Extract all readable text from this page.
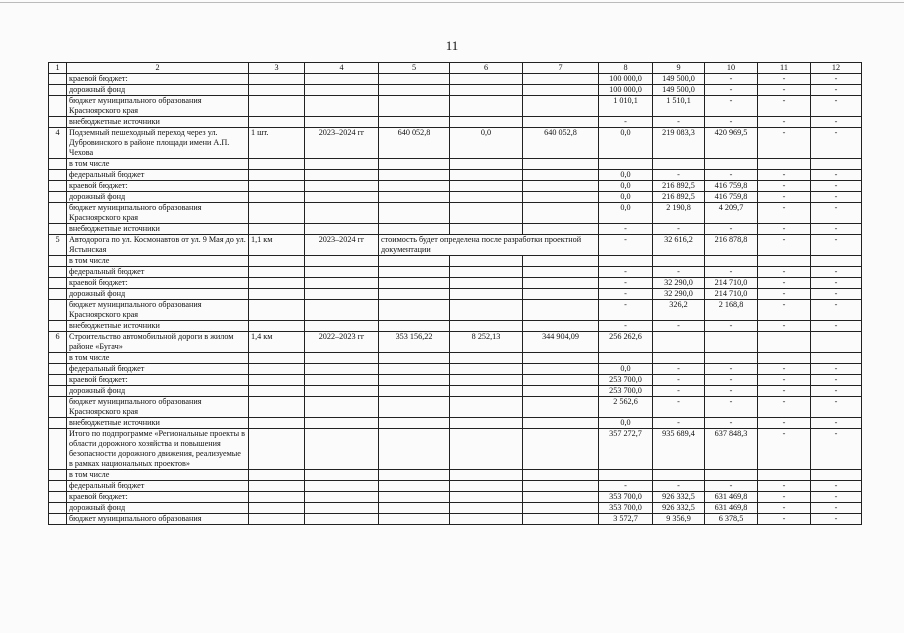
11
1	2	3	4	5	6	7	8	9	10	11	12
	краевой бюджет:						100 000,0	149 500,0	-	-	-
	дорожный фонд						100 000,0	149 500,0	-	-	-
	бюджет муниципального образования Красноярского края						1 010,1	1 510,1	-	-	-
	внебюджетные источники						-	-	-	-	-
4	Подземный пешеходный переход через ул. Дубровинского в районе площади имени А.П. Чехова	1 шт.	2023–2024 гг	640 052,8	0,0	640 052,8	0,0	219 083,3	420 969,5	-	-
	в том числе										
	федеральный бюджет						0,0	-	-	-	-
	краевой бюджет:						0,0	216 892,5	416 759,8	-	-
	дорожный фонд						0,0	216 892,5	416 759,8	-	-
	бюджет муниципального образования Красноярского края						0,0	2 190,8	4 209,7	-	-
	внебюджетные источники						-	-	-	-	-
5	Автодорога по ул. Космонавтов от ул. 9 Мая до ул. Ястынская	1,1 км	2023–2024 гг	стоимость будет определена после разработки проектной документации			-	32 616,2	216 878,8	-	-
	в том числе										
	федеральный бюджет						-	-	-	-	-
	краевой бюджет:						-	32 290,0	214 710,0	-	-
	дорожный фонд						-	32 290,0	214 710,0	-	-
	бюджет муниципального образования Красноярского края						-	326,2	2 168,8	-	-
	внебюджетные источники						-	-	-	-	-
6	Строительство автомобильной дороги в жилом районе «Бугач»	1,4 км	2022–2023 гг	353 156,22	8 252,13	344 904,09	256 262,6				
	в том числе										
	федеральный бюджет						0,0	-	-	-	-
	краевой бюджет:						253 700,0	-	-	-	-
	дорожный фонд						253 700,0	-	-	-	-
	бюджет муниципального образования Красноярского края						2 562,6	-	-	-	-
	внебюджетные источники						0,0	-	-	-	-
	Итого по подпрограмме «Региональные проекты в области дорожного хозяйства и повышения безопасности дорожного движения, реализуемые в рамках национальных проектов»						357 272,7	935 689,4	637 848,3	-	-
	в том числе										
	федеральный бюджет						-	-	-	-	-
	краевой бюджет:						353 700,0	926 332,5	631 469,8	-	-
	дорожный фонд						353 700,0	926 332,5	631 469,8	-	-
	бюджет муниципального образования						3 572,7	9 356,9	6 378,5	-	-
